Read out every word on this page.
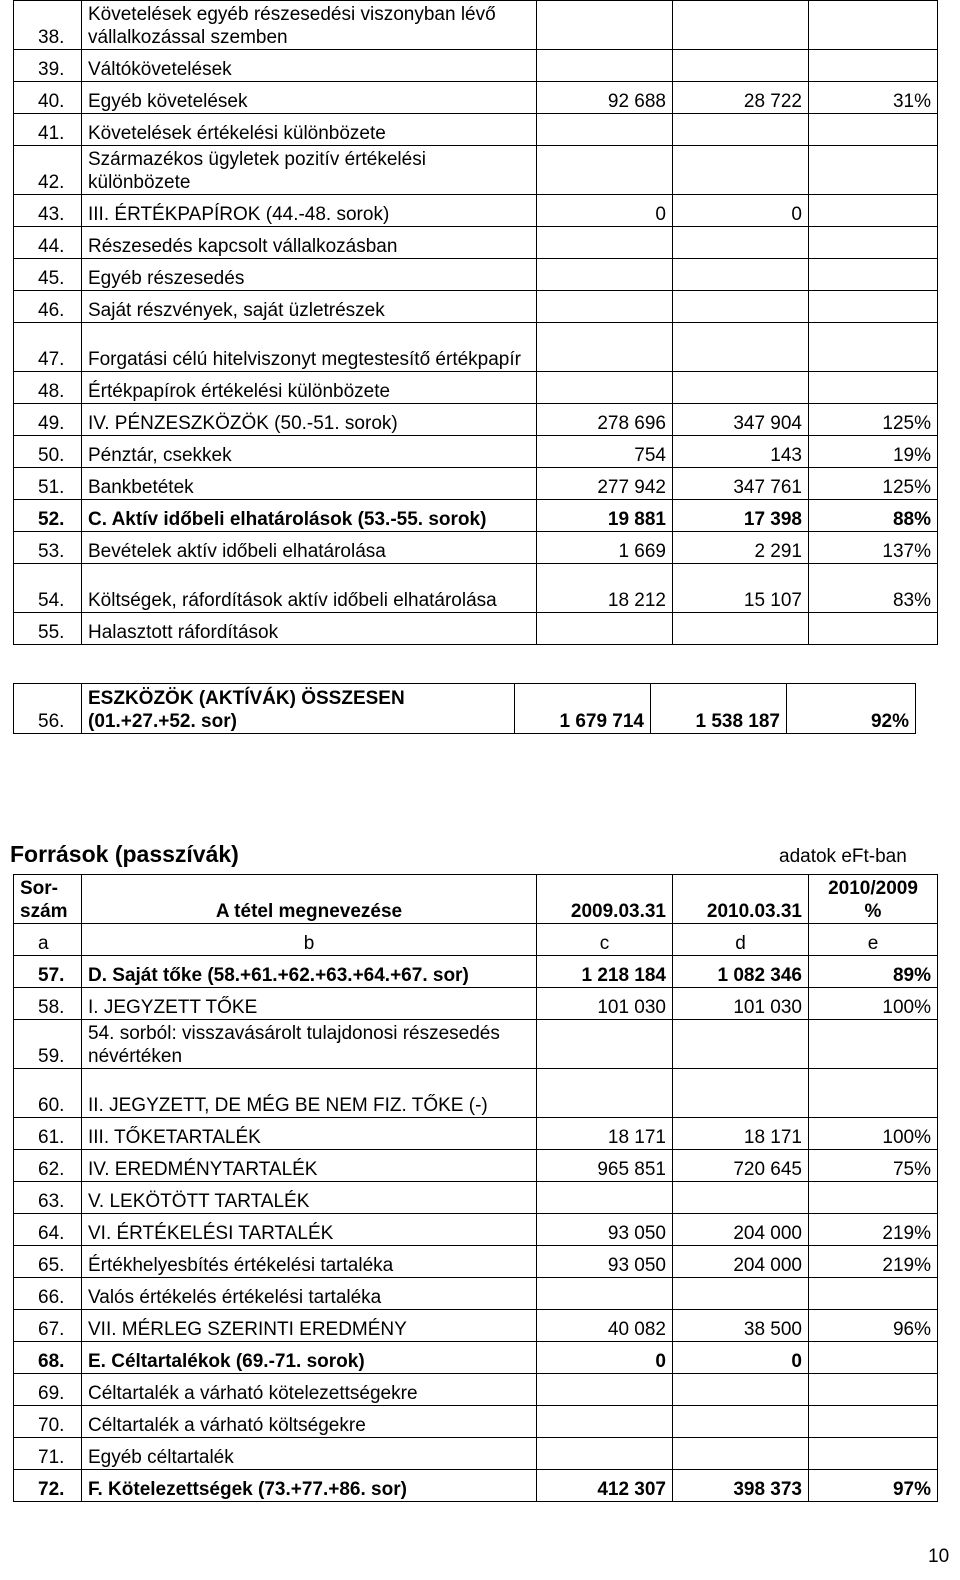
38.	Követelések egyéb részesedési viszonyban lévő vállalkozással szemben			
39.	Váltókövetelések			
40.	Egyéb követelések	92 688	28 722	31%
41.	Követelések értékelési különbözete			
42.	Származékos ügyletek pozitív értékelési különbözete			
43.	III. ÉRTÉKPAPÍROK (44.-48. sorok)	0	0	
44.	Részesedés kapcsolt vállalkozásban			
45.	Egyéb részesedés			
46.	Saját részvények, saját üzletrészek			
47.	Forgatási célú hitelviszonyt megtestesítő értékpapír			
48.	Értékpapírok értékelési különbözete			
49.	IV. PÉNZESZKÖZÖK (50.-51. sorok)	278 696	347 904	125%
50.	Pénztár, csekkek	754	143	19%
51.	Bankbetétek	277 942	347 761	125%
52.	C. Aktív időbeli elhatárolások (53.-55. sorok)	19 881	17 398	88%
53.	Bevételek aktív időbeli elhatárolása	1 669	2 291	137%
54.	Költségek, ráfordítások aktív időbeli elhatárolása	18 212	15 107	83%
55.	Halasztott ráfordítások			
56.	ESZKÖZÖK (AKTÍVÁK) ÖSSZESEN (01.+27.+52. sor)	1 679 714	1 538 187	92%
Források (passzívák)	adatok eFt-ban
Sor-
szám	A tétel megnevezése	2009.03.31	2010.03.31	2010/2009
%
a	b	c	d	e
57.	D. Saját tőke (58.+61.+62.+63.+64.+67. sor)	1 218 184	1 082 346	89%
58.	I. JEGYZETT TŐKE	101 030	101 030	100%
59.	54. sorból: visszavásárolt tulajdonosi részesedés névértéken			
60.	II. JEGYZETT, DE MÉG BE NEM FIZ. TŐKE (-)			
61.	III. TŐKETARTALÉK	18 171	18 171	100%
62.	IV. EREDMÉNYTARTALÉK	965 851	720 645	75%
63.	V. LEKÖTÖTT TARTALÉK			
64.	VI. ÉRTÉKELÉSI TARTALÉK	93 050	204 000	219%
65.	Értékhelyesbítés értékelési tartaléka	93 050	204 000	219%
66.	Valós értékelés értékelési tartaléka			
67.	VII. MÉRLEG SZERINTI EREDMÉNY	40 082	38 500	96%
68.	E. Céltartalékok (69.-71. sorok)	0	0	
69.	Céltartalék a várható kötelezettségekre			
70.	Céltartalék a várható költségekre			
71.	Egyéb céltartalék			
72.	F. Kötelezettségek (73.+77.+86. sor)	412 307	398 373	97%
10
